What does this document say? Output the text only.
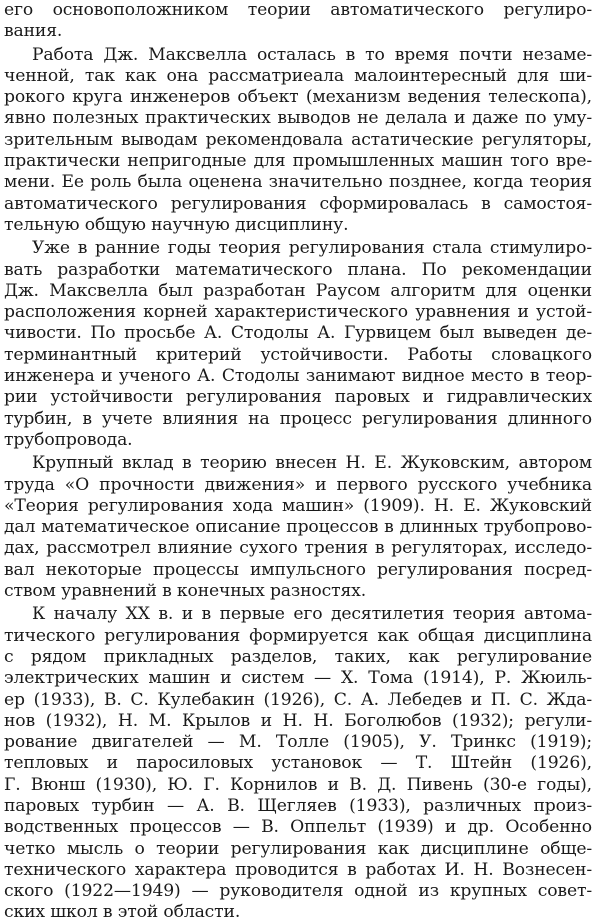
его основоположником теории автоматического регулиро-
вания.
Работа Дж. Максвелла осталась в то время почти незаме-
ченной, так как она рассматриеала малоинтересный для ши-
рокого круга инженеров объект (механизм ведения телескопа),
явно полезных практических выводов не делала и даже по уму-
зрительным выводам рекомендовала астатические регуляторы,
практически непригодные для промышленных машин того вре-
мени. Ее роль была оценена значительно позднее, когда теория
автоматического регулирования сформировалась в самостоя-
тельную общую научную дисциплину.
Уже в ранние годы теория регулирования стала стимулиро-
вать разработки математического плана. По рекомендации
Дж. Максвелла был разработан Раусом алгоритм для оценки
расположения корней характеристического уравнения и устой-
чивости. По просьбе А. Стодолы А. Гурвицем был выведен де-
терминантный критерий устойчивости. Работы словацкого
инженера и ученого А. Стодолы занимают видное место в теор-
рии устойчивости регулирования паровых и гидравлических
турбин, в учете влияния на процесс регулирования длинного
трубопровода.
Крупный вклад в теорию внесен Н. Е. Жуковским, автором
труда «О прочности движения» и первого русского учебника
«Теория регулирования хода машин» (1909). Н. Е. Жуковский
дал математическое описание процессов в длинных трубопрово-
дах, рассмотрел влияние сухого трения в регуляторах, исследо-
вал некоторые процессы импульсного регулирования посред-
ством уравнений в конечных разностях.
К началу XX в. и в первые его десятилетия теория автома-
тического регулирования формируется как общая дисциплина
с рядом прикладных разделов, таких, как регулирование
электрических машин и систем — Х. Тома (1914), Р. Жюиль-
ер (1933), В. С. Кулебакин (1926), С. А. Лебедев и П. С. Жда-
нов (1932), Н. М. Крылов и Н. Н. Боголюбов (1932); регули-
рование двигателей — М. Толле (1905), У. Тринкс (1919);
тепловых и паросиловых установок — Т. Штейн (1926),
Г. Вюнш (1930), Ю. Г. Корнилов и В. Д. Пивень (30-е годы),
паровых турбин — А. В. Щегляев (1933), различных произ-
водственных процессов — В. Оппельт (1939) и др. Особенно
четко мысль о теории регулирования как дисциплине обще-
технического характера проводится в работах И. Н. Вознесен-
ского (1922—1949) — руководителя одной из крупных совет-
ских школ в этой области.
